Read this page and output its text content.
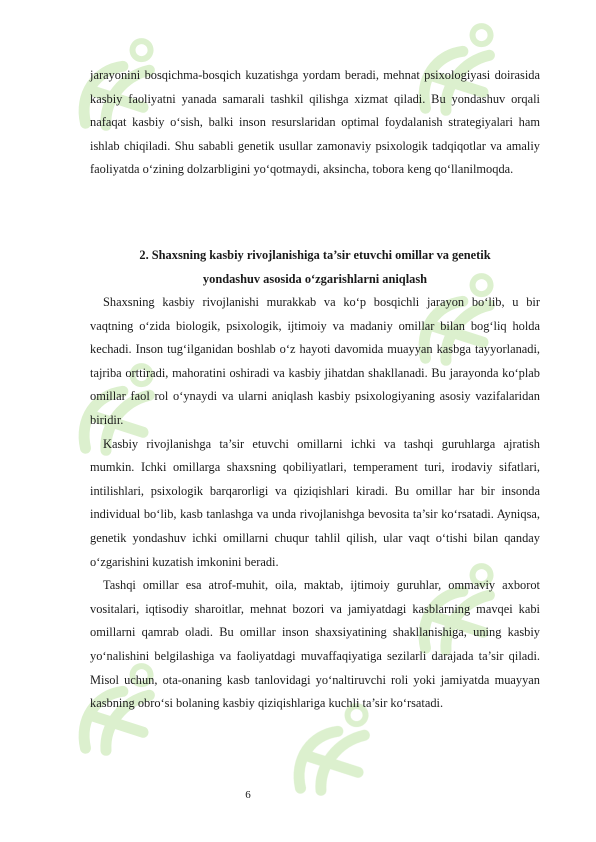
jarayonini bosqichma-bosqich kuzatishga yordam beradi, mehnat psixologiyasi doirasida kasbiy faoliyatni yanada samarali tashkil qilishga xizmat qiladi. Bu yondashuv orqali nafaqat kasbiy o‘sish, balki inson resurslaridan optimal foydalanish strategiyalari ham ishlab chiqiladi. Shu sababli genetik usullar zamonaviy psixologik tadqiqotlar va amaliy faoliyatda o‘zining dolzarbligini yo‘qotmaydi, aksincha, tobora keng qo‘llanilmoqda.

2. Shaxsning kasbiy rivojlanishiga ta’sir etuvchi omillar va genetik
yondashuv asosida o‘zgarishlarni aniqlash

Shaxsning kasbiy rivojlanishi murakkab va ko‘p bosqichli jarayon bo‘lib, u bir vaqtning o‘zida biologik, psixologik, ijtimoiy va madaniy omillar bilan bog‘liq holda kechadi. Inson tug‘ilganidan boshlab o‘z hayoti davomida muayyan kasbga tayyorlanadi, tajriba orttiradi, mahoratini oshiradi va kasbiy jihatdan shakllanadi. Bu jarayonda ko‘plab omillar faol rol o‘ynaydi va ularni aniqlash kasbiy psixologiyaning asosiy vazifalaridan biridir.

Kasbiy rivojlanishga ta’sir etuvchi omillarni ichki va tashqi guruhlarga ajratish mumkin. Ichki omillarga shaxsning qobiliyatlari, temperament turi, irodaviy sifatlari, intilishlari, psixologik barqarorligi va qiziqishlari kiradi. Bu omillar har bir insonda individual bo‘lib, kasb tanlashga va unda rivojlanishga bevosita ta’sir ko‘rsatadi. Ayniqsa, genetik yondashuv ichki omillarni chuqur tahlil qilish, ular vaqt o‘tishi bilan qanday o‘zgarishini kuzatish imkonini beradi.

Tashqi omillar esa atrof-muhit, oila, maktab, ijtimoiy guruhlar, ommaviy axborot vositalari, iqtisodiy sharoitlar, mehnat bozori va jamiyatdagi kasblarning mavqei kabi omillarni qamrab oladi. Bu omillar inson shaxsiyatining shakllanishiga, uning kasbiy yo‘nalishini belgilashiga va faoliyatdagi muvaffaqiyatiga sezilarli darajada ta’sir qiladi. Misol uchun, ota-onaning kasb tanlovidagi yo‘naltiruvchi roli yoki jamiyatda muayyan kasbning obro‘si bolaning kasbiy qiziqishlariga kuchli ta’sir ko‘rsatadi.

6
